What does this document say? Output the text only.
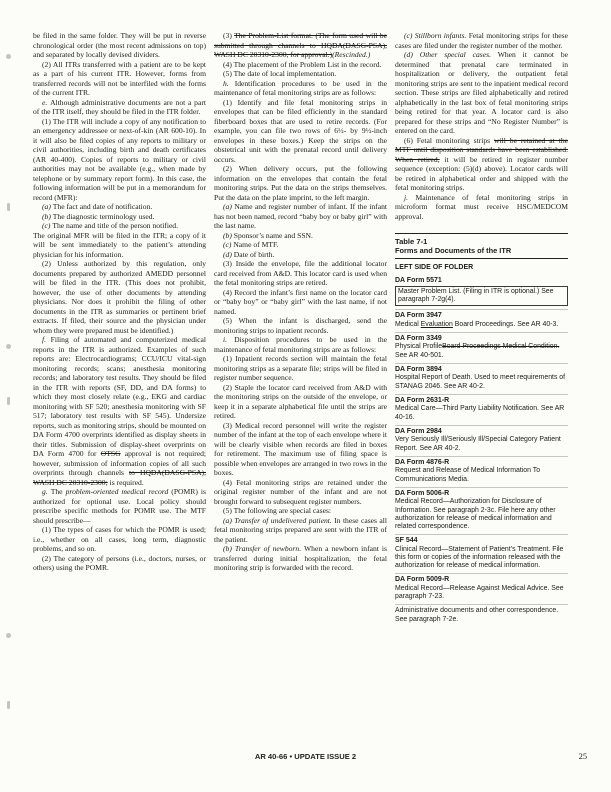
be filed in the same folder. They will be put in reverse chronological order (the most recent admissions on top) and separated by locally devised dividers.

(2) All ITRs transferred with a patient are to be kept as a part of his current ITR. However, forms from transferred records will not be interfiled with the forms of the current ITR.

e. Although administrative documents are not a part of the ITR itself, they should be filed in the ITR folder.

(1) The ITR will include a copy of any notification to an emergency addressee or next-of-kin (AR 600-10). In it will also be filed copies of any reports to military or civil authorities, including birth and death certificates (AR 40-400). Copies of reports to military or civil authorities may not be available (e.g., when made by telephone or by summary report form). In this case, the following information will be put in a memorandum for record (MFR):

(a) The fact and date of notification.

(b) The diagnostic terminology used.

(c) The name and title of the person notified.

The original MFR will be filed in the ITR; a copy of it will be sent immediately to the patient’s attending physician for his information.

(2) Unless authorized by this regulation, only documents prepared by authorized AMEDD personnel will be filed in the ITR. (This does not prohibit, however, the use of other documents by attending physicians. Nor does it prohibit the filing of other documents in the ITR as summaries or pertinent brief extracts. If filed, their source and the physician under whom they were prepared must be identified.)

f. Filing of automated and computerized medical reports in the ITR is authorized. Examples of such reports are: Electrocardiograms; CCU/ICU vital-sign monitoring records; scans; anesthesia monitoring records; and laboratory test results. They should be filed in the ITR with reports (SF, DD, and DA forms) to which they most closely relate (e.g., EKG and cardiac monitoring with SF 520; anesthesia monitoring with SF 517; laboratory test results with SF 545). Undersize reports, such as monitoring strips, should be mounted on DA Form 4700 overprints identified as display sheets in their titles. Submission of display-sheet overprints on DA Form 4700 for OTSG approval is not required; however, submission of information copies of all such overprints through channels to HQDA(DASG-PSA), WASH DC 20310-2300; is required.

g. The problem-oriented medical record (POMR) is authorized for optional use. Local policy should prescribe specific methods for POMR use. The MTF should prescribe—

(1) The types of cases for which the POMR is used; i.e., whether on all cases, long term, diagnostic problems, and so on.

(2) The category of persons (i.e., doctors, nurses, or others) using the POMR.

(3) The Problem-List format. (The form used will be submitted through channels to HQDA(DASG-PSA), WASH DC 20310-2300, for approval.)(Rescinded.)

(4) The placement of the Problem List in the record.

(5) The date of local implementation.

h. Identification procedures to be used in the maintenance of fetal monitoring strips are as follows:

(1) Identify and file fetal monitoring strips in envelopes that can be filed efficiently in the standard fiberboard boxes that are used to retire records. (For example, you can file two rows of 6½- by 9½-inch envelopes in these boxes.) Keep the strips on the obstetrical unit with the prenatal record until delivery occurs.

(2) When delivery occurs, put the following information on the envelopes that contain the fetal monitoring strips. Put the data on the strips themselves. Put the data on the plate imprint, to the left margin.

(a) Name and register number of infant. If the infant has not been named, record “baby boy or baby girl” with the last name.

(b) Sponsor’s name and SSN.

(c) Name of MTF.

(d) Date of birth.

(3) Inside the envelope, file the additional locator card received from A&D. This locator card is used when the fetal monitoring strips are retired.

(4) Record the infant’s first name on the locator card or “baby boy” or “baby girl” with the last name, if not named.

(5) When the infant is discharged, send the monitoring strips to inpatient records.

i. Disposition procedures to be used in the maintenance of fetal monitoring strips are as follows:

(1) Inpatient records section will maintain the fetal monitoring strips as a separate file; strips will be filed in register number sequence.

(2) Staple the locator card received from A&D with the monitoring strips on the outside of the envelope, or keep it in a separate alphabetical file until the strips are retired.

(3) Medical record personnel will write the register number of the infant at the top of each envelope where it will be clearly visible when records are filed in boxes for retirement. The maximum use of filing space is possible when envelopes are arranged in two rows in the boxes.

(4) Fetal monitoring strips are retained under the original register number of the infant and are not brought forward to subsequent register numbers.

(5) The following are special cases:

(a) Transfer of undelivered patient. In these cases all fetal monitoring strips prepared are sent with the ITR of the patient.

(b) Transfer of newborn. When a newborn infant is transferred during initial hospitalization, the fetal monitoring strip is forwarded with the record.

(c) Stillborn infants. Fetal monitoring strips for these cases are filed under the register number of the mother.

(d) Other special cases. When it cannot be determined that prenatal care terminated in hospitalization or delivery, the outpatient fetal monitoring strips are sent to the inpatient medical record section. These strips are filed alphabetically and retired alphabetically in the last box of fetal monitoring strips being retired for that year. A locator card is also prepared for these strips and “No Register Number” is entered on the card.

(6) Fetal monitoring strips will be retained at the MTF until disposition standards have been established. When retired, it will be retired in register number sequence (exception: (5)(d) above). Locator cards will be retired in alphabetical order and shipped with the fetal monitoring strips.

j. Maintenance of fetal monitoring strips in microform format must receive HSC/MEDCOM approval.

Table 7-1
Forms and Documents of the ITR
LEFT SIDE OF FOLDER
DA Form 5571

Master Problem List. (Filing in ITR is optional.) See paragraph 7-2g(4).

DA Form 3947

Medical Evaluation Board Proceedings. See AR 40-3.

DA Form 3349

Physical ProfileBoard Proceedings Medical Condition. See AR 40-501.

DA Form 3894

Hospital Report of Death. Used to meet requirements of STANAG 2046. See AR 40-2.

DA Form 2631-R

Medical Care—Third Party Liability Notification. See AR 40-16.

DA Form 2984

Very Seriously Ill/Seriously Ill/Special Category Patient Report. See AR 40-2.

DA Form 4876-R

Request and Release of Medical Information To Communications Media.

DA Form 5006-R

Medical Record—Authorization for Disclosure of Information. See paragraph 2-3c. File here any other authorization for release of medical information and related correspondence.

SF 544

Clinical Record—Statement of Patient’s Treatment. File this form or copies of the information released with the authorization for release of medical information.

DA Form 5009-R

Medical Record—Release Against Medical Advice. See paragraph 7-23.

Administrative documents and other correspondence. See paragraph 7-2e.

AR 40-66 • UPDATE ISSUE 2	25
